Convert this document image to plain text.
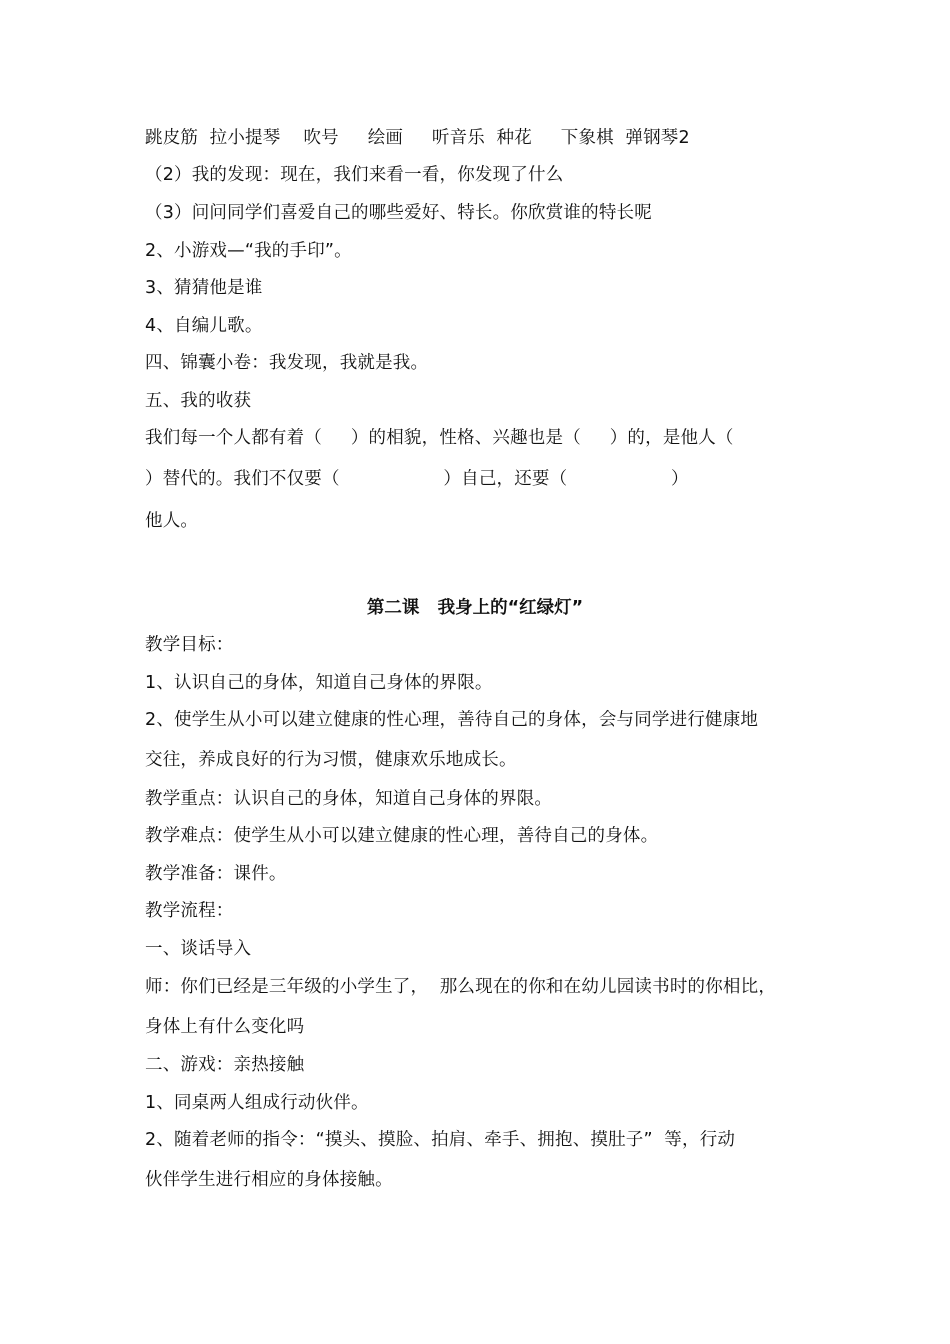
跳皮筋  拉小提琴    吹号     绘画     听音乐  种花     下象棋  弹钢琴2
（2）我的发现：现在，我们来看一看，你发现了什么
（3）问问同学们喜爱自己的哪些爱好、特长。你欣赏谁的特长呢
2、小游戏—“我的手印”。
3、猜猜他是谁
4、自编儿歌。
四、锦囊小卷：我发现，我就是我。
五、我的收获
我们每一个人都有着（     ）的相貌，性格、兴趣也是（     ）的，是他人（
）替代的。我们不仅要（                  ）自己，还要（                  ）
他人。
第二课   我身上的“红绿灯”
教学目标：
1、认识自己的身体，知道自己身体的界限。
2、使学生从小可以建立健康的性心理，善待自己的身体，会与同学进行健康地
交往，养成良好的行为习惯，健康欢乐地成长。
教学重点：认识自己的身体，知道自己身体的界限。
教学难点：使学生从小可以建立健康的性心理，善待自己的身体。
教学准备：课件。
教学流程：
一、谈话导入
师：你们已经是三年级的小学生了，  那么现在的你和在幼儿园读书时的你相比，
身体上有什么变化吗
二、游戏：亲热接触
1、同桌两人组成行动伙伴。
2、随着老师的指令：“摸头、摸脸、拍肩、牵手、拥抱、摸肚子”  等，行动
伙伴学生进行相应的身体接触。
